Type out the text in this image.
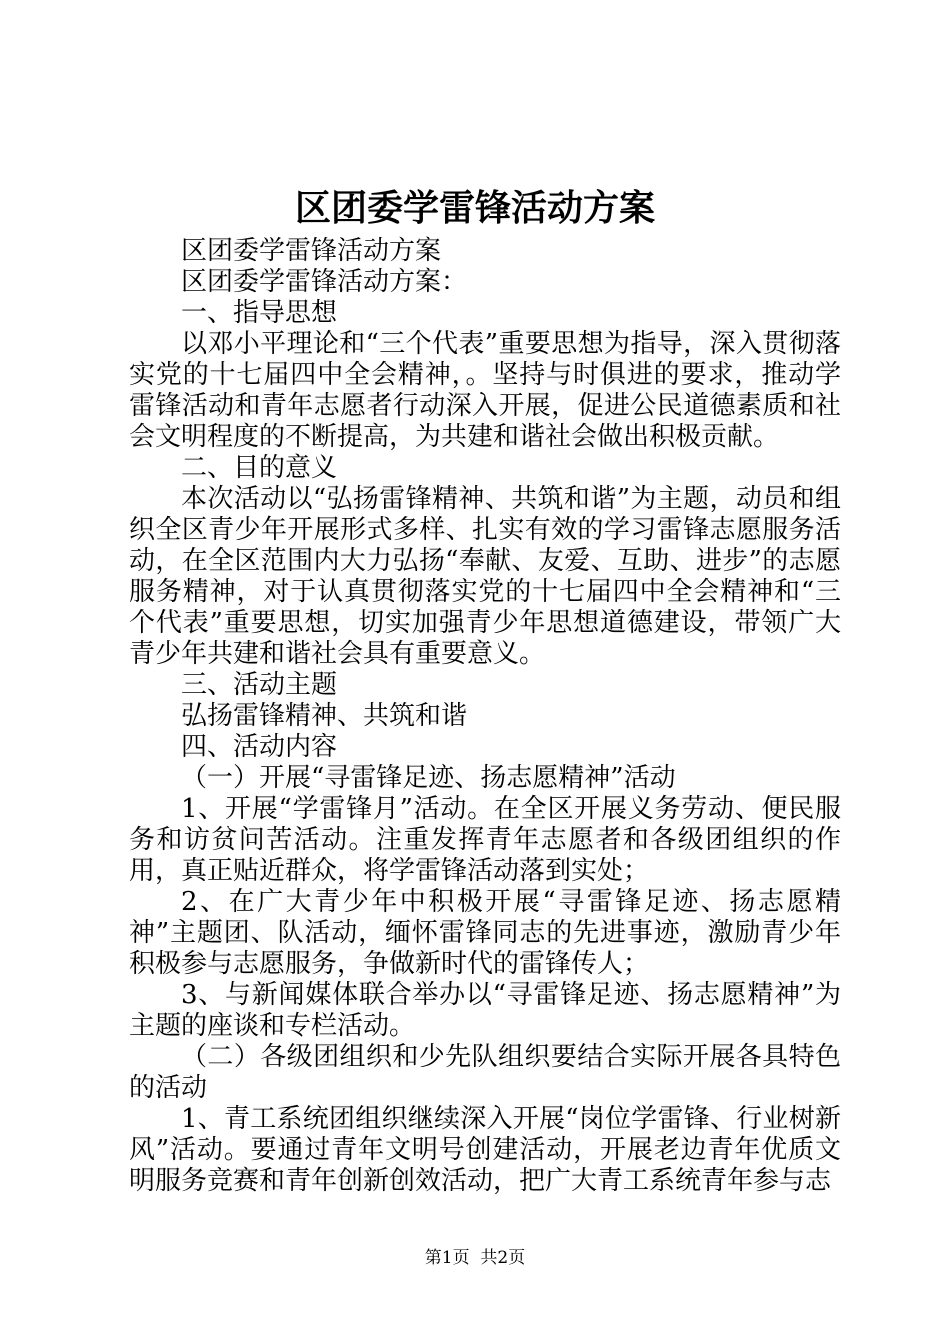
区团委学雷锋活动方案

区团委学雷锋活动方案

区团委学雷锋活动方案：

一、指导思想

以邓小平理论和“三个代表”重要思想为指导，深入贯彻落实党的十七届四中全会精神，。坚持与时俱进的要求，推动学雷锋活动和青年志愿者行动深入开展，促进公民道德素质和社会文明程度的不断提高，为共建和谐社会做出积极贡献。

二、目的意义

本次活动以“弘扬雷锋精神、共筑和谐”为主题，动员和组织全区青少年开展形式多样、扎实有效的学习雷锋志愿服务活动，在全区范围内大力弘扬“奉献、友爱、互助、进步”的志愿服务精神，对于认真贯彻落实党的十七届四中全会精神和“三个代表”重要思想，切实加强青少年思想道德建设，带领广大青少年共建和谐社会具有重要意义。

三、活动主题

弘扬雷锋精神、共筑和谐

四、活动内容

（一）开展“寻雷锋足迹、扬志愿精神”活动

1、开展“学雷锋月”活动。在全区开展义务劳动、便民服务和访贫问苦活动。注重发挥青年志愿者和各级团组织的作用，真正贴近群众，将学雷锋活动落到实处；

2、在广大青少年中积极开展“寻雷锋足迹、扬志愿精神”主题团、队活动，缅怀雷锋同志的先进事迹，激励青少年积极参与志愿服务，争做新时代的雷锋传人；

3、与新闻媒体联合举办以“寻雷锋足迹、扬志愿精神”为主题的座谈和专栏活动。

（二）各级团组织和少先队组织要结合实际开展各具特色的活动

1、青工系统团组织继续深入开展“岗位学雷锋、行业树新风”活动。要通过青年文明号创建活动，开展老边青年优质文明服务竞赛和青年创新创效活动，把广大青工系统青年参与志

第1页  共2页
